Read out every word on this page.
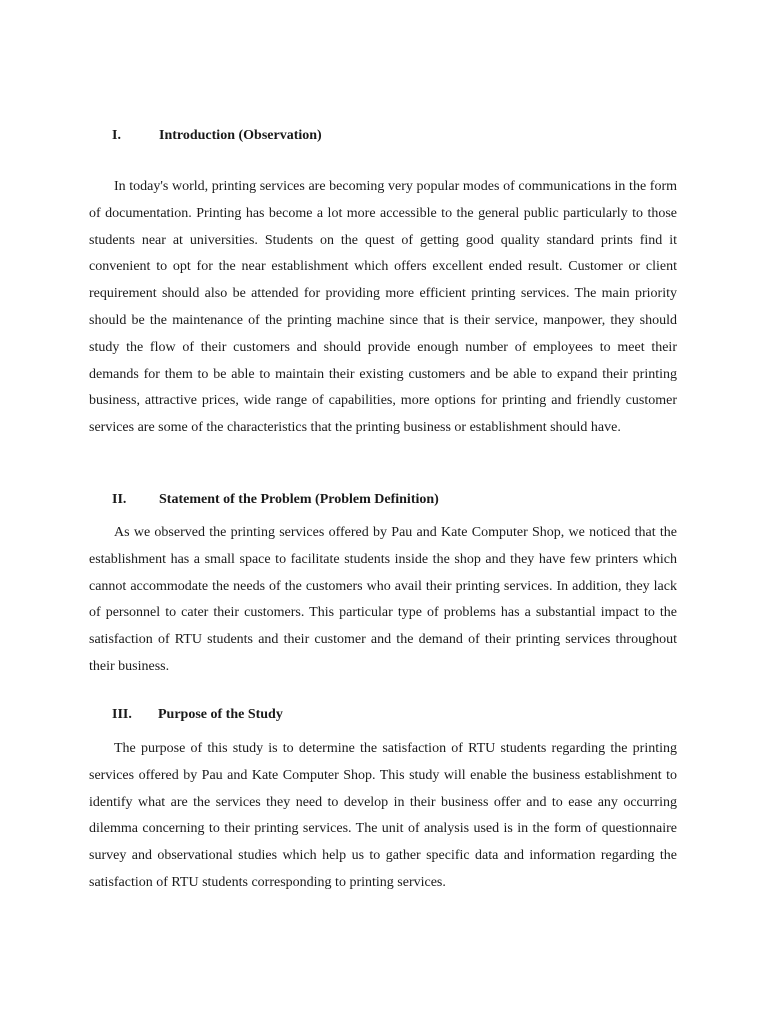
I.	Introduction (Observation)

In today's world, printing services are becoming very popular modes of communications in the form of documentation. Printing has become a lot more accessible to the general public particularly to those students near at universities. Students on the quest of getting good quality standard prints find it convenient to opt for the near establishment which offers excellent ended result. Customer or client requirement should also be attended for providing more efficient printing services. The main priority should be the maintenance of the printing machine since that is their service, manpower, they should study the flow of their customers and should provide enough number of employees to meet their demands for them to be able to maintain their existing customers and be able to expand their printing business, attractive prices, wide range of capabilities, more options for printing and friendly customer services are some of the characteristics that the printing business or establishment should have.

II.	Statement of the Problem (Problem Definition)

As we observed the printing services offered by Pau and Kate Computer Shop, we noticed that the establishment has a small space to facilitate students inside the shop and they have few printers which cannot accommodate the needs of the customers who avail their printing services. In addition, they lack of personnel to cater their customers. This particular type of problems has a substantial impact to the satisfaction of RTU students and their customer and the demand of their printing services throughout their business.

III.	Purpose of the Study

The purpose of this study is to determine the satisfaction of RTU students regarding the printing services offered by Pau and Kate Computer Shop. This study will enable the business establishment to identify what are the services they need to develop in their business offer and to ease any occurring dilemma concerning to their printing services. The unit of analysis used is in the form of questionnaire survey and observational studies which help us to gather specific data and information regarding the satisfaction of RTU students corresponding to printing services.
